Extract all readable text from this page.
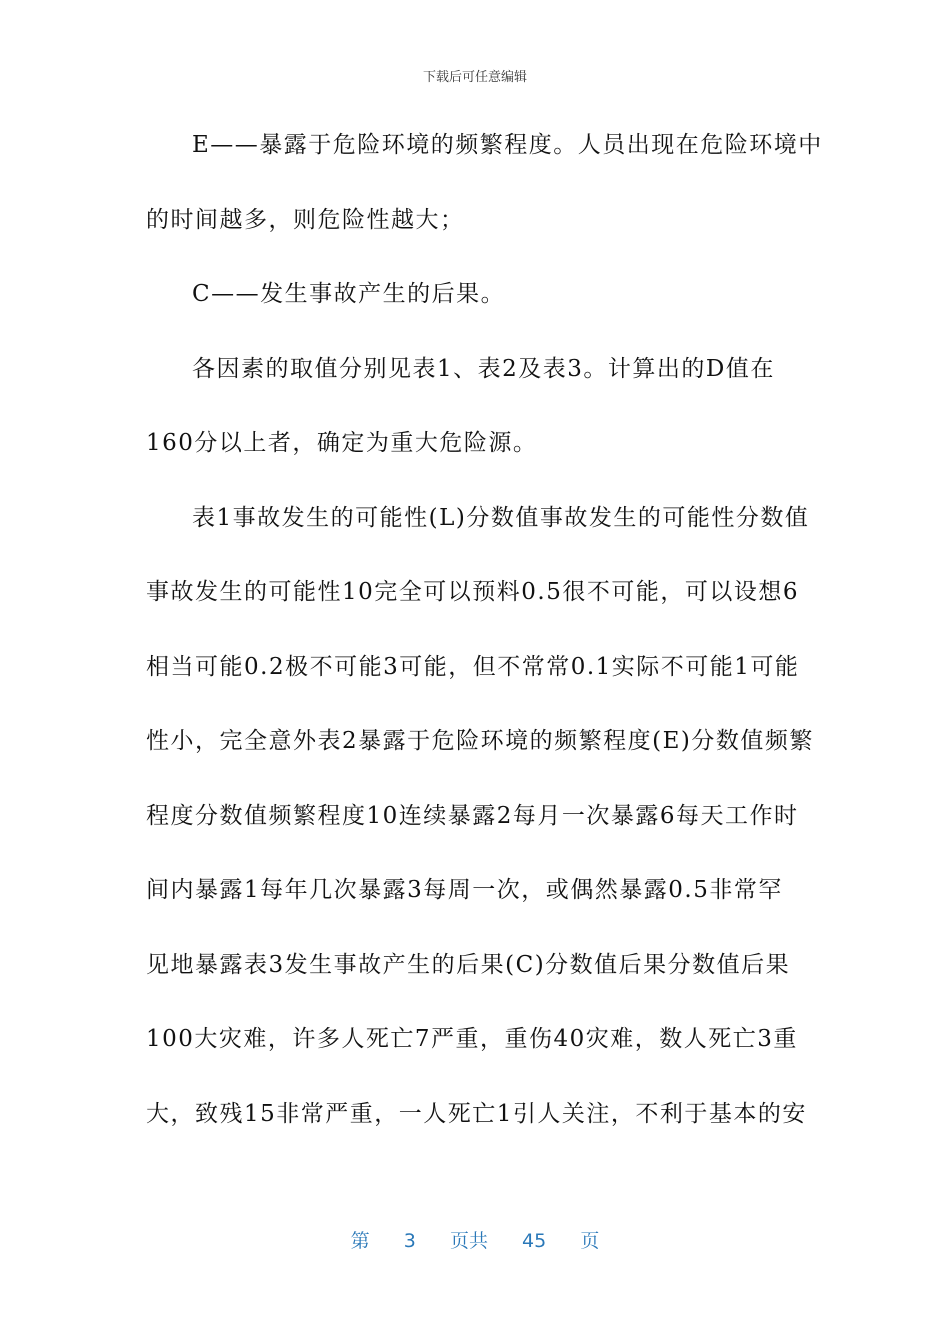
下载后可任意编辑
E——暴露于危险环境的频繁程度。人员出现在危险环境中
的时间越多，则危险性越大；
C——发生事故产生的后果。
各因素的取值分别见表1、表2及表3。计算出的D值在
160分以上者，确定为重大危险源。
表1事故发生的可能性(L)分数值事故发生的可能性分数值
事故发生的可能性10完全可以预料0.5很不可能，可以设想6
相当可能0.2极不可能3可能，但不常常0.1实际不可能1可能
性小，完全意外表2暴露于危险环境的频繁程度(E)分数值频繁
程度分数值频繁程度10连续暴露2每月一次暴露6每天工作时
间内暴露1每年几次暴露3每周一次，或偶然暴露0.5非常罕
见地暴露表3发生事故产生的后果(C)分数值后果分数值后果
100大灾难，许多人死亡7严重，重伤40灾难，数人死亡3重
大，致残15非常严重，一人死亡1引人关注，不利于基本的安
第 3 页共 45 页
